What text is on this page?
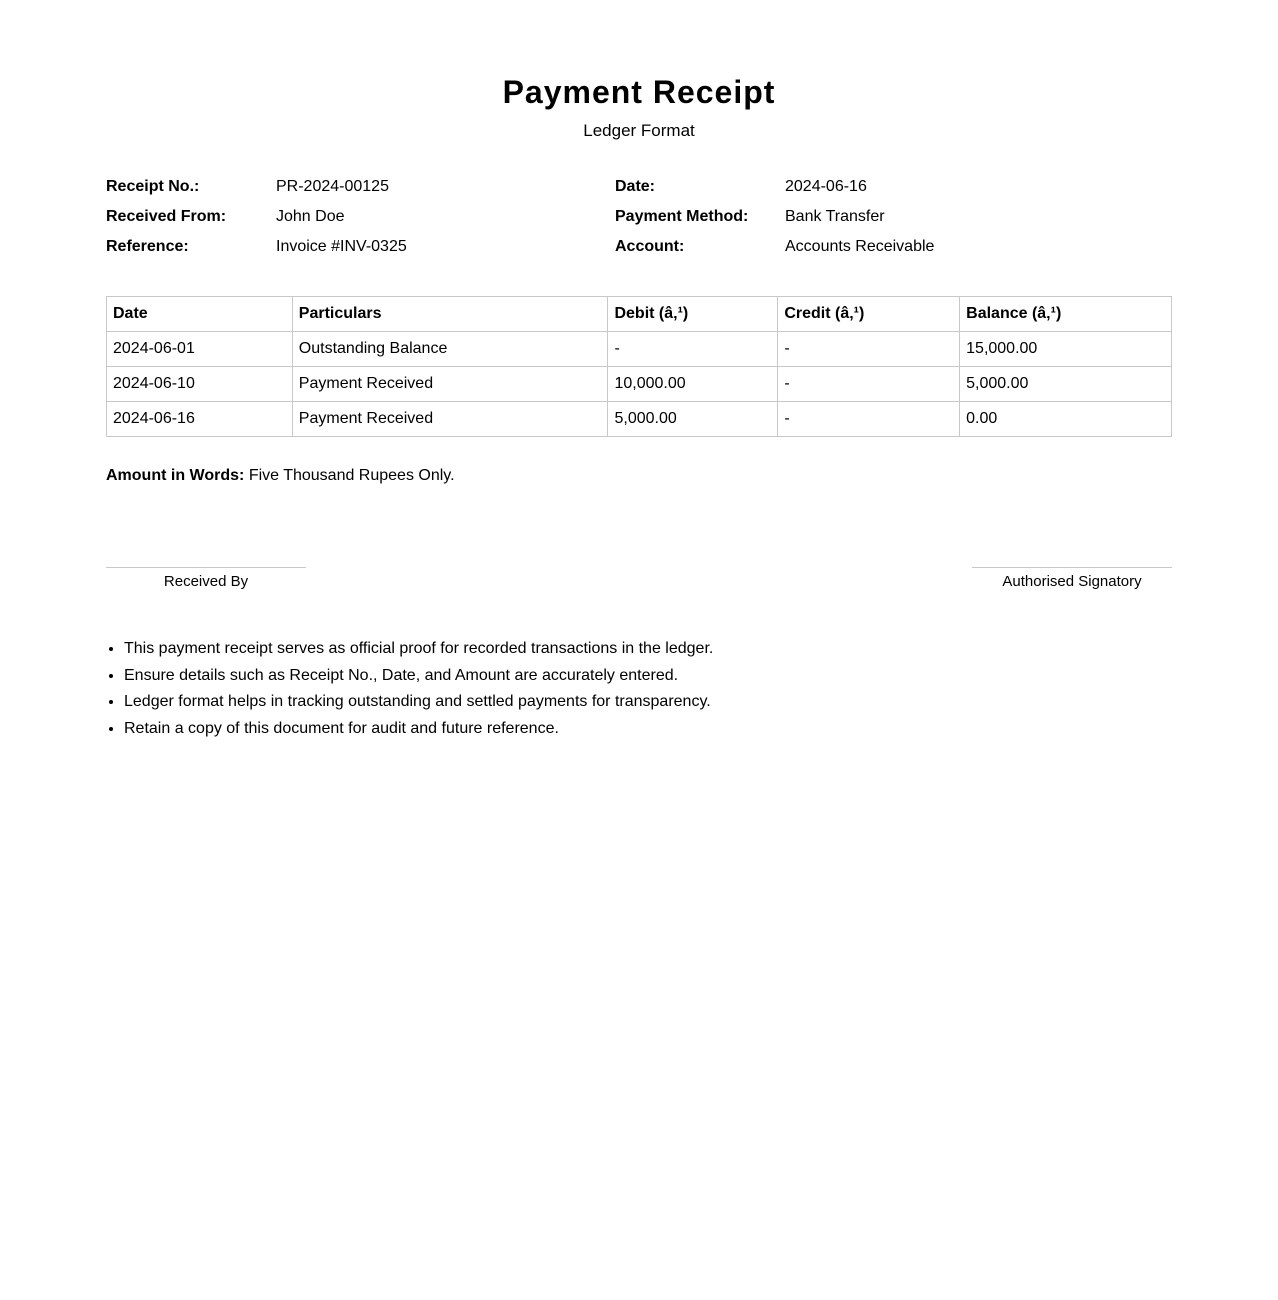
Payment Receipt
Ledger Format
Receipt No.:	PR-2024-00125
Received From:	John Doe
Reference:	Invoice #INV-0325
Date:	2024-06-16
Payment Method:	Bank Transfer
Account:	Accounts Receivable
Date	Particulars	Debit (â‚¹)	Credit (â‚¹)	Balance (â‚¹)
2024-06-01	Outstanding Balance	-	-	15,000.00
2024-06-10	Payment Received	10,000.00	-	5,000.00
2024-06-16	Payment Received	5,000.00	-	0.00
Amount in Words: Five Thousand Rupees Only.
Received By	Authorised Signatory
• This payment receipt serves as official proof for recorded transactions in the ledger.
• Ensure details such as Receipt No., Date, and Amount are accurately entered.
• Ledger format helps in tracking outstanding and settled payments for transparency.
• Retain a copy of this document for audit and future reference.
